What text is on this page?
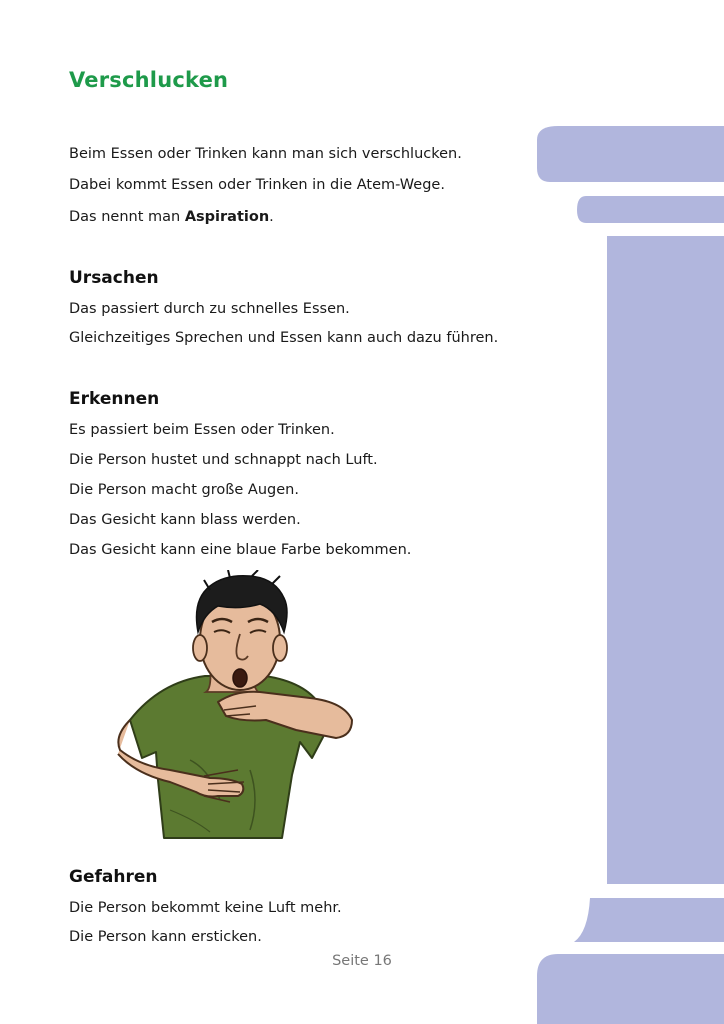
Verschlucken

Beim Essen oder Trinken kann man sich verschlucken.

Dabei kommt Essen oder Trinken in die Atem-Wege.

Das nennt man Aspiration.

Ursachen

Das passiert durch zu schnelles Essen.

Gleichzeitiges Sprechen und Essen kann auch dazu führen.

Erkennen

Es passiert beim Essen oder Trinken.

Die Person hustet und schnappt nach Luft.

Die Person macht große Augen.

Das Gesicht kann blass werden.

Das Gesicht kann eine blaue Farbe bekommen.

Gefahren

Die Person bekommt keine Luft mehr.

Die Person kann ersticken.

Seite 16
